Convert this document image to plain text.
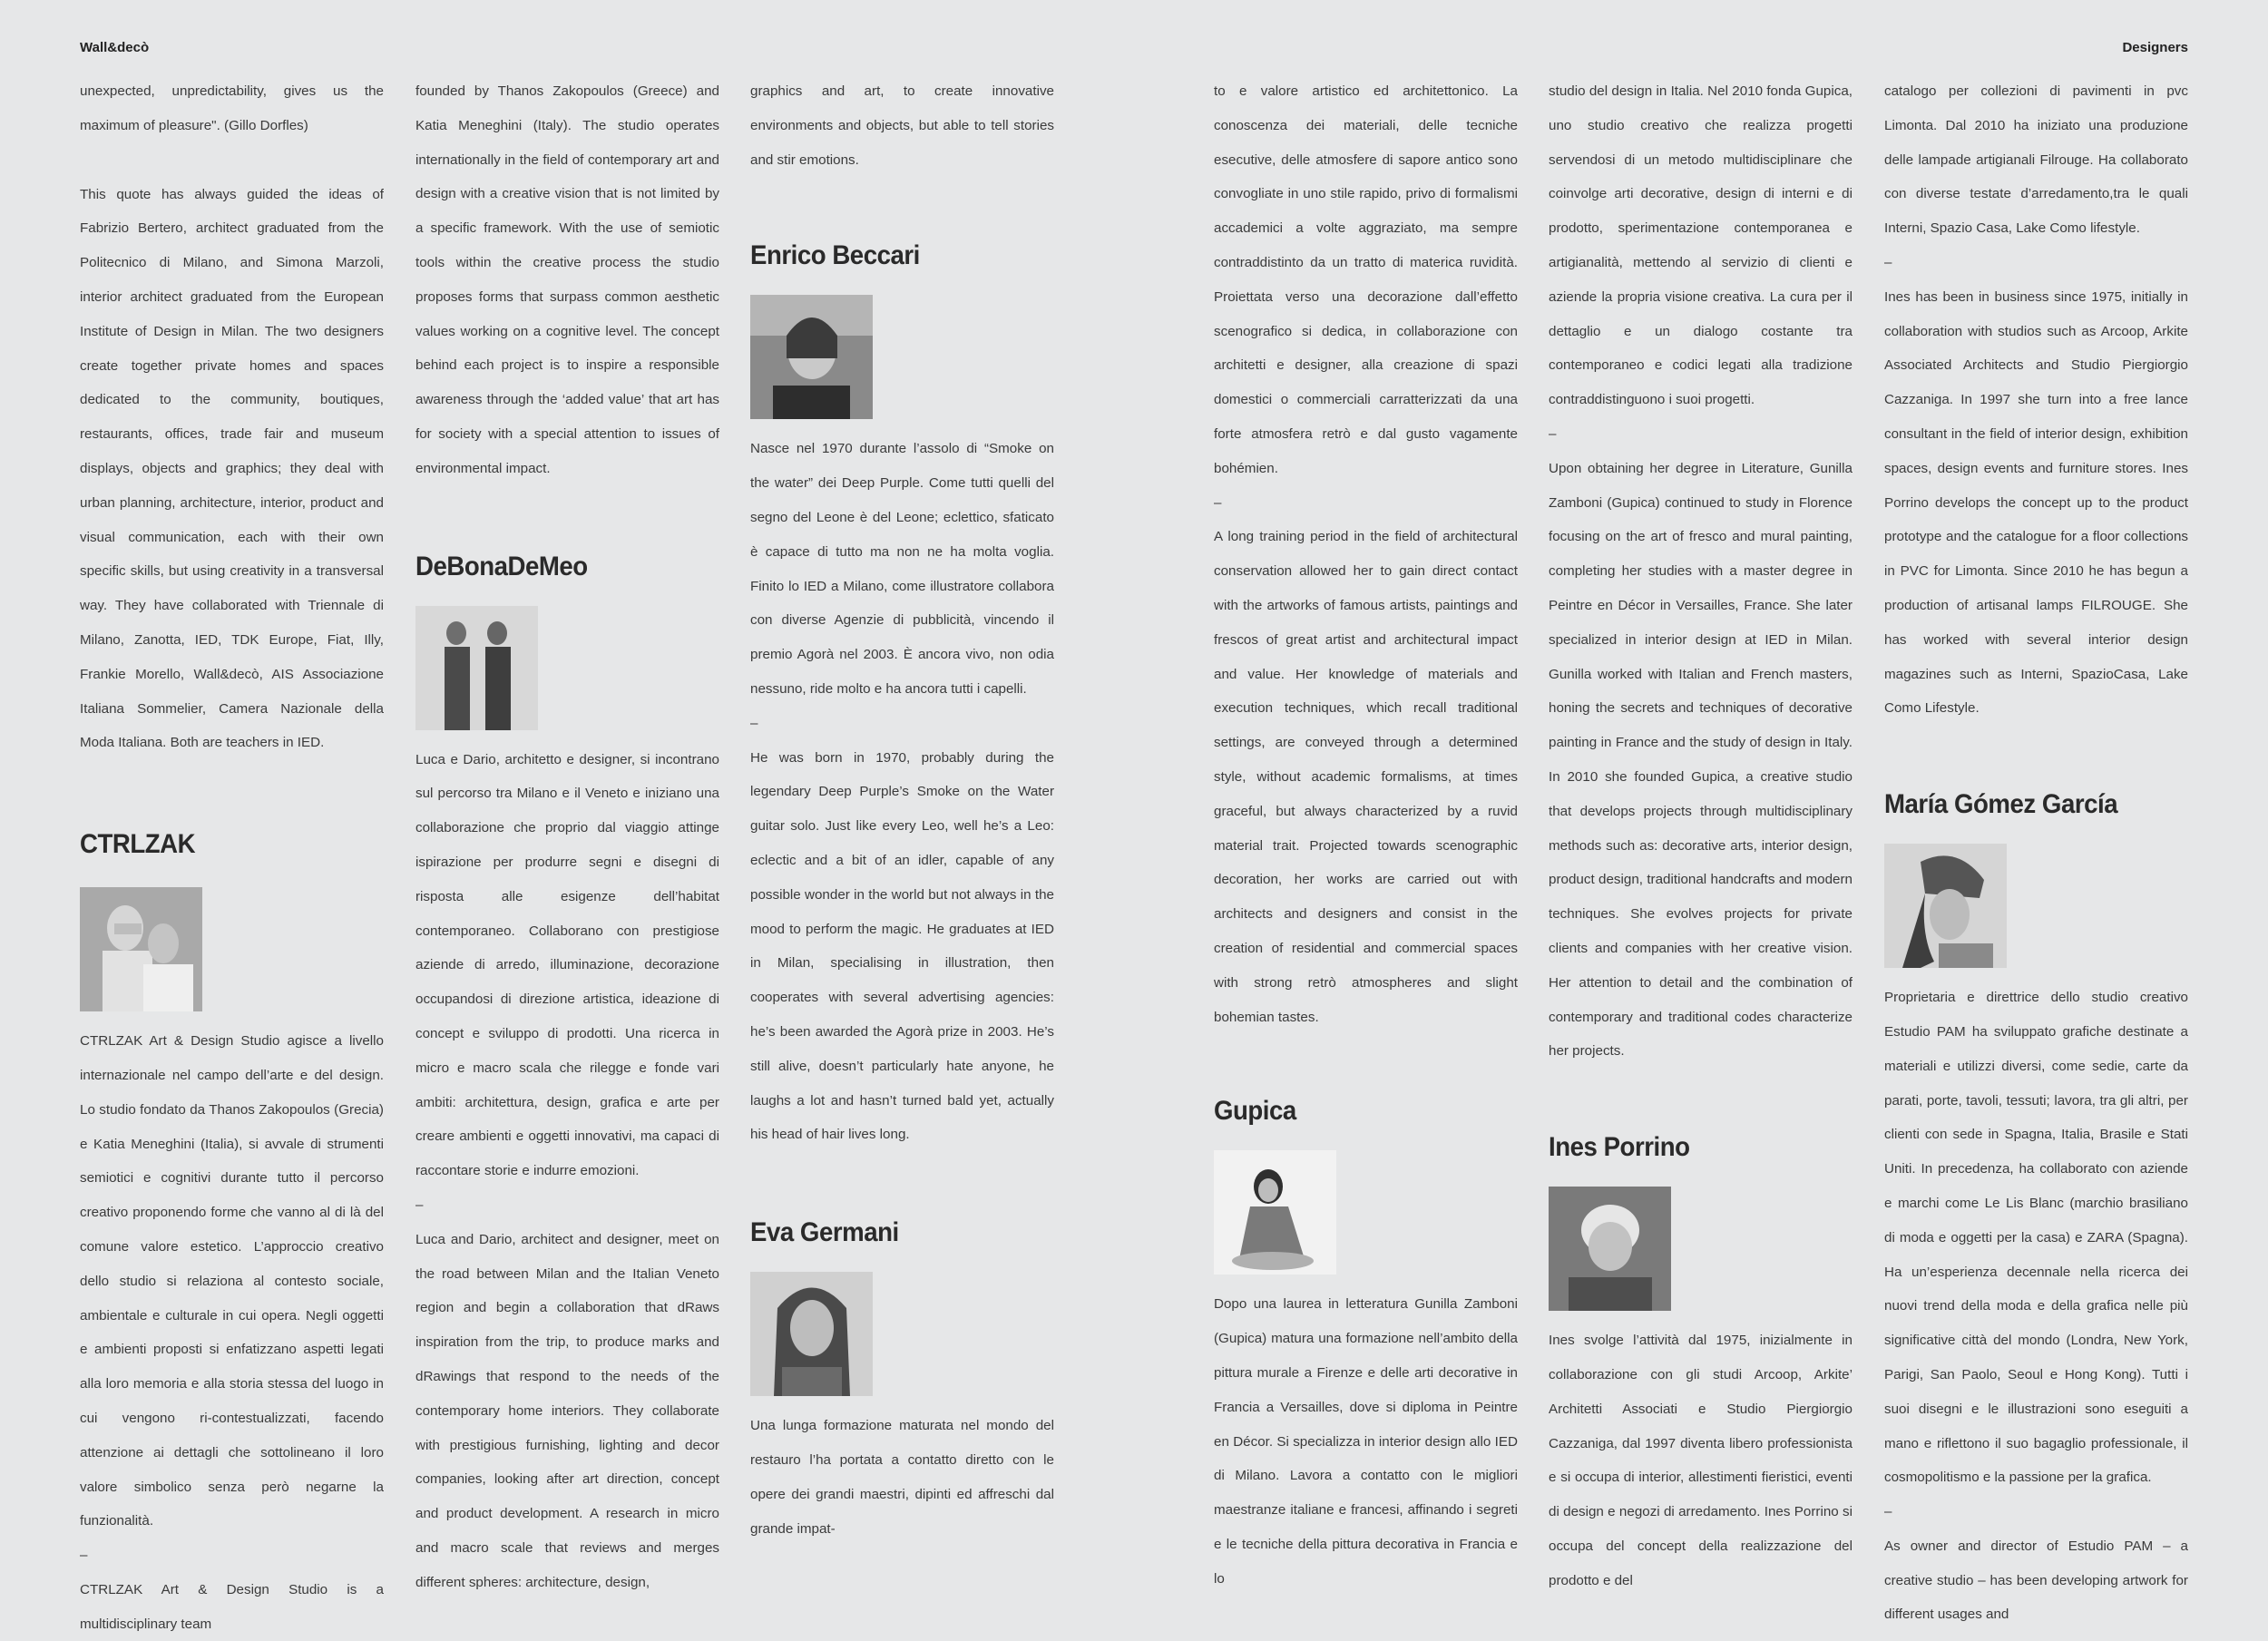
Wall&decò	Designers

unexpected, unpredictability, gives us the maximum of pleasure". (Gillo Dorfles)

This quote has always guided the ideas of Fabrizio Bertero, architect graduated from the Politecnico di Milano, and Simona Marzoli, interior architect graduated from the European Institute of Design in Milan. The two designers create together private homes and spaces dedicated to the community, boutiques, restaurants, offices, trade fair and museum displays, objects and graphics; they deal with urban planning, architecture, interior, product and visual communication, each with their own specific skills, but using creativity in a transversal way. They have collaborated with Triennale di Milano, Zanotta, IED, TDK Europe, Fiat, Illy, Frankie Morello, Wall&decò, AIS Associazione Italiana Sommelier, Camera Nazionale della Moda Italiana. Both are teachers in IED.

CTRLZAK

CTRLZAK Art & Design Studio agisce a livello internazionale nel campo dell’arte e del design. Lo studio fondato da Thanos Zakopoulos (Grecia) e Katia Meneghini (Italia), si avvale di strumenti semiotici e cognitivi durante tutto il percorso creativo proponendo forme che vanno al di là del comune valore estetico. L’approccio creativo dello studio si relaziona al contesto sociale, ambientale e culturale in cui opera. Negli oggetti e ambienti proposti si enfatizzano aspetti legati alla loro memoria e alla storia stessa del luogo in cui vengono ri-contestualizzati, facendo attenzione ai dettagli che sottolineano il loro valore simbolico senza però negarne la funzionalità.

–

CTRLZAK Art & Design Studio is a multidisciplinary team

founded by Thanos Zakopoulos (Greece) and Katia Meneghini (Italy). The studio operates internationally in the field of contemporary art and design with a creative vision that is not limited by a specific framework. With the use of semiotic tools within the creative process the studio proposes forms that surpass common aesthetic values working on a cognitive level. The concept behind each project is to inspire a responsible awareness through the ‘added value’ that art has for society with a special attention to issues of environmental impact.

DeBonaDeMeo

Luca e Dario, architetto e designer, si incontrano sul percorso tra Milano e il Veneto e iniziano una collaborazione che proprio dal viaggio attinge ispirazione per produrre segni e disegni di risposta alle esigenze dell’habitat contemporaneo. Collaborano con prestigiose aziende di arredo, illuminazione, decorazione occupandosi di direzione artistica, ideazione di concept e sviluppo di prodotti. Una ricerca in micro e macro scala che rilegge e fonde vari ambiti: architettura, design, grafica e arte per creare ambienti e oggetti innovativi, ma capaci di raccontare storie e indurre emozioni.

–

Luca and Dario, architect and designer, meet on the road between Milan and the Italian Veneto region and begin a collaboration that dRaws inspiration from the trip, to produce marks and dRawings that respond to the needs of the contemporary home interiors. They collaborate with prestigious furnishing, lighting and decor companies, looking after art direction, concept and product development. A research in micro and macro scale that reviews and merges different spheres: architecture, design,

graphics and art, to create innovative environments and objects, but able to tell stories and stir emotions.

Enrico Beccari

Nasce nel 1970 durante l’assolo di “Smoke on the water” dei Deep Purple. Come tutti quelli del segno del Leone è del Leone; eclettico, sfaticato è capace di tutto ma non ne ha molta voglia. Finito lo IED a Milano, come illustratore collabora con diverse Agenzie di pubblicità, vincendo il premio Agorà nel 2003. È ancora vivo, non odia nessuno, ride molto e ha ancora tutti i capelli.

–

He was born in 1970, probably during the legendary Deep Purple’s Smoke on the Water guitar solo. Just like every Leo, well he’s a Leo: eclectic and a bit of an idler, capable of any possible wonder in the world but not always in the mood to perform the magic. He graduates at IED in Milan, specialising in illustration, then cooperates with several advertising agencies: he’s been awarded the Agorà prize in 2003. He’s still alive, doesn’t particularly hate anyone, he laughs a lot and hasn’t turned bald yet, actually his head of hair lives long.

Eva Germani

Una lunga formazione maturata nel mondo del restauro l’ha portata a contatto diretto con le opere dei grandi maestri, dipinti ed affreschi dal grande impat-

to e valore artistico ed architettonico. La conoscenza dei materiali, delle tecniche esecutive, delle atmosfere di sapore antico sono convogliate in uno stile rapido, privo di formalismi accademici a volte aggraziato, ma sempre contraddistinto da un tratto di materica ruvidità. Proiettata verso una decorazione dall’effetto scenografico si dedica, in collaborazione con architetti e designer, alla creazione di spazi domestici o commerciali carratterizzati da una forte atmosfera retrò e dal gusto vagamente bohémien.

–

A long training period in the field of architectural conservation allowed her to gain direct contact with the artworks of famous artists, paintings and frescos of great artist and architectural impact and value. Her knowledge of materials and execution techniques, which recall traditional settings, are conveyed through a determined style, without academic formalisms, at times graceful, but always characterized by a ruvid material trait. Projected towards scenographic decoration, her works are carried out with architects and designers and consist in the creation of residential and commercial spaces with strong retrò atmospheres and slight bohemian tastes.

Gupica

Dopo una laurea in letteratura Gunilla Zamboni (Gupica) matura una formazione nell’ambito della pittura murale a Firenze e delle arti decorative in Francia a Versailles, dove si diploma in Peintre en Décor. Si specializza in interior design allo IED di Milano. Lavora a contatto con le migliori maestranze italiane e francesi, affinando i segreti e le tecniche della pittura decorativa in Francia e lo

studio del design in Italia. Nel 2010 fonda Gupica, uno studio creativo che realizza progetti servendosi di un metodo multidisciplinare che coinvolge arti decorative, design di interni e di prodotto, sperimentazione contemporanea e artigianalità, mettendo al servizio di clienti e aziende la propria visione creativa. La cura per il dettaglio e un dialogo costante tra contemporaneo e codici legati alla tradizione contraddistinguono i suoi progetti.

–

Upon obtaining her degree in Literature, Gunilla Zamboni (Gupica) continued to study in Florence focusing on the art of fresco and mural painting, completing her studies with a master degree in Peintre en Décor in Versailles, France. She later specialized in interior design at IED in Milan. Gunilla worked with Italian and French masters, honing the secrets and techniques of decorative painting in France and the study of design in Italy. In 2010 she founded Gupica, a creative studio that develops projects through multidisciplinary methods such as: decorative arts, interior design, product design, traditional handcrafts and modern techniques. She evolves projects for private clients and companies with her creative vision. Her attention to detail and the combination of contemporary and traditional codes characterize her projects.

Ines Porrino

Ines svolge l’attività dal 1975, inizialmente in collaborazione con gli studi Arcoop, Arkite’ Architetti Associati e Studio Piergiorgio Cazzaniga, dal 1997 diventa libero professionista e si occupa di interior, allestimenti fieristici, eventi di design e negozi di arredamento. Ines Porrino si occupa del concept della realizzazione del prodotto e del

catalogo per collezioni di pavimenti in pvc Limonta. Dal 2010 ha iniziato una produzione delle lampade artigianali Filrouge. Ha collaborato con diverse testate d’arredamento,tra le quali Interni, Spazio Casa, Lake Como lifestyle.

–

Ines has been in business since 1975, initially in collaboration with studios such as Arcoop, Arkite Associated Architects and Studio Piergiorgio Cazzaniga. In 1997 she turn into a free lance consultant in the field of interior design, exhibition spaces, design events and furniture stores. Ines Porrino develops the concept up to the product prototype and the catalogue for a floor collections in PVC for Limonta. Since 2010 he has begun a production of artisanal lamps FILROUGE. She has worked with several interior design magazines such as Interni, SpazioCasa, Lake Como Lifestyle.

María Gómez García

Proprietaria e direttrice dello studio creativo Estudio PAM ha sviluppato grafiche destinate a materiali e utilizzi diversi, come sedie, carte da parati, porte, tavoli, tessuti; lavora, tra gli altri, per clienti con sede in Spagna, Italia, Brasile e Stati Uniti. In precedenza, ha collaborato con aziende e marchi come Le Lis Blanc (marchio brasiliano di moda e oggetti per la casa) e ZARA (Spagna). Ha un’esperienza decennale nella ricerca dei nuovi trend della moda e della grafica nelle più significative città del mondo (Londra, New York, Parigi, San Paolo, Seoul e Hong Kong). Tutti i suoi disegni e le illustrazioni sono eseguiti a mano e riflettono il suo bagaglio professionale, il cosmopolitismo e la passione per la grafica.

–

As owner and director of Estudio PAM – a creative studio – has been developing artwork for different usages and
